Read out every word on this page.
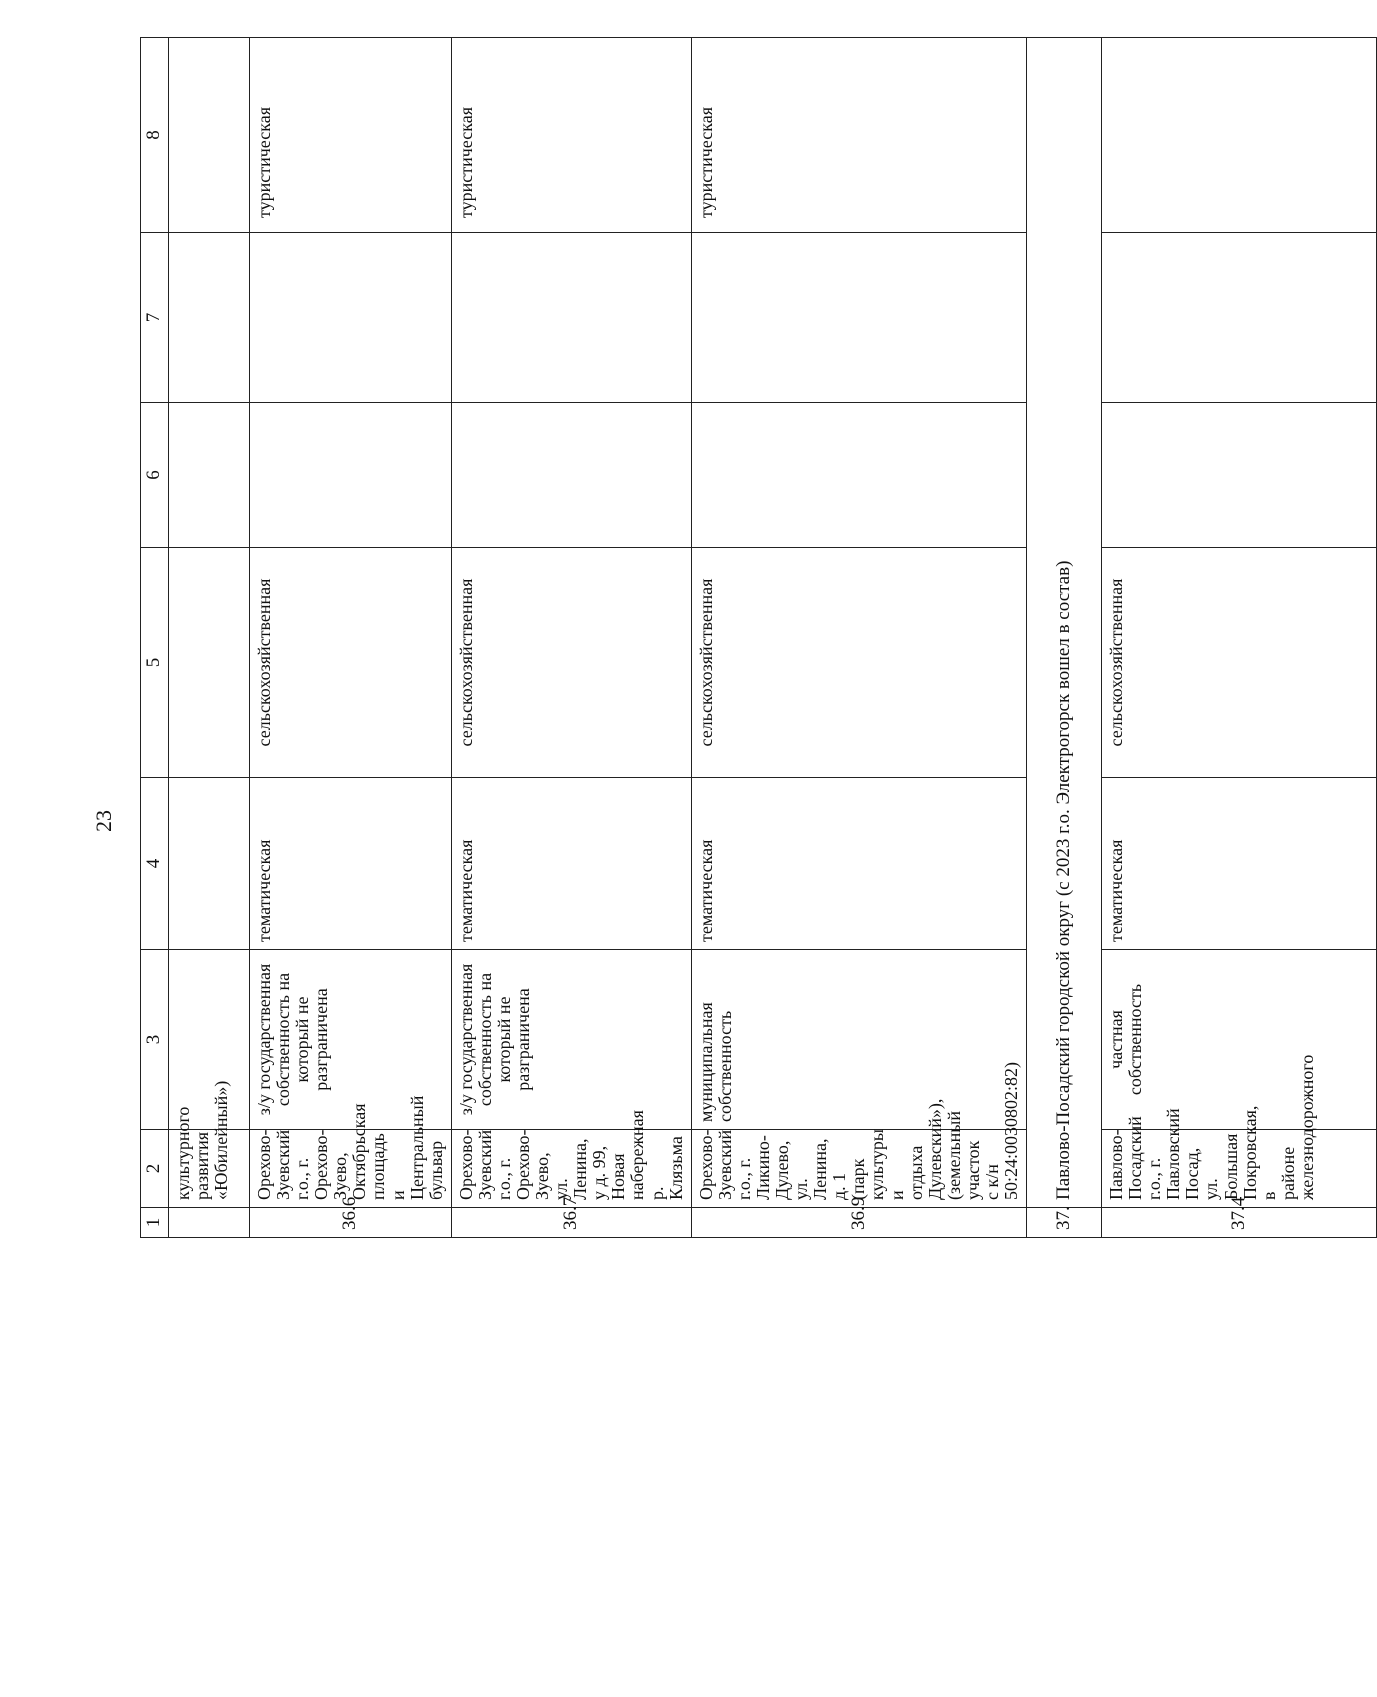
23
1	2	3	4	5	6	7	8
	культурного развития «Юбилейный»)						
36.6	Орехово-Зуевский г.о., г. Орехово-Зуево, Октябрьская площадь и Центральный бульвар	з/у государственная собственность на который не разграничена	тематическая	сельскохозяйственная			туристическая
36.7	Орехово-Зуевский г.о., г. Орехово-Зуево, ул. Ленина, у д. 99, Новая набережная р. Клязьма	з/у государственная собственность на который не разграничена	тематическая	сельскохозяйственная			туристическая
36.9	Орехово-Зуевский г.о., г. Ликино-Дулево, ул. Ленина, д. 1 (парк культуры и отдыха Дулевский»), (земельный участок с к/н 50:24:0030802:82)	муниципальная собственность	тематическая	сельскохозяйственная			туристическая
37.	Павлово-Посадский городской округ (с 2023 г.о. Электрогорск вошел в состав)						
37.4	Павлово-Посадский г.о., г. Павловский Посад, ул. Большая Покровская, в районе железнодорожного	частная собственность	тематическая	сельскохозяйственная			
